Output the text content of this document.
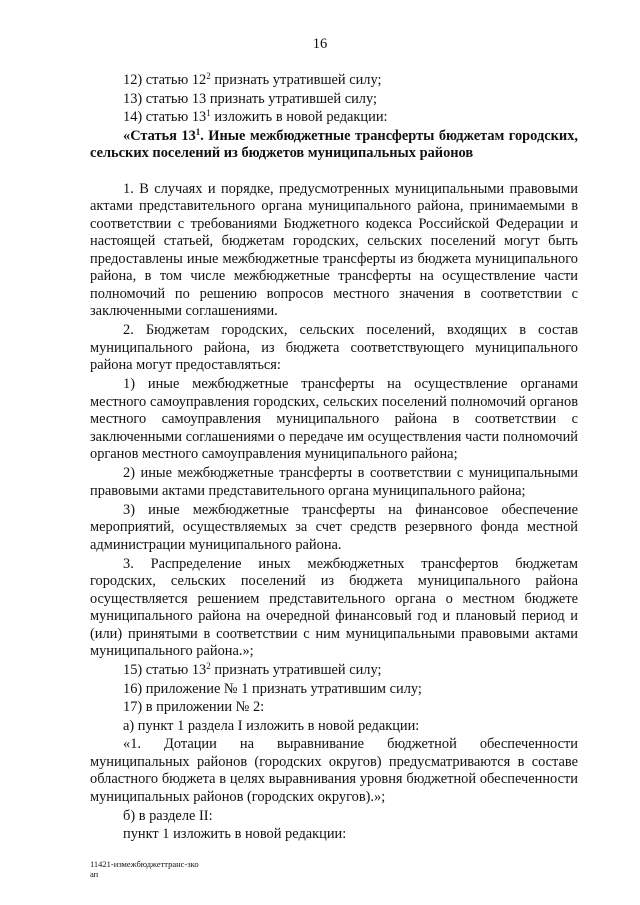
16

12) статью $12^2$ признать утратившей силу;

13) статью 13 признать утратившей силу;

14) статью $13^1$ изложить в новой редакции:

«Статья $13^1$. Иные межбюджетные трансферты бюджетам городских, сельских поселений из бюджетов муниципальных районов

1. В случаях и порядке, предусмотренных муниципальными правовыми актами представительного органа муниципального района, принимаемыми в соответствии с требованиями Бюджетного кодекса Российской Федерации и настоящей статьей, бюджетам городских, сельских поселений могут быть предоставлены иные межбюджетные трансферты из бюджета муниципального района, в том числе межбюджетные трансферты на осуществление части полномочий по решению вопросов местного значения в соответствии с заключенными соглашениями.

2. Бюджетам городских, сельских поселений, входящих в состав муниципального района, из бюджета соответствующего муниципального района могут предоставляться:

1) иные межбюджетные трансферты на осуществление органами местного самоуправления городских, сельских поселений полномочий органов местного самоуправления муниципального района в соответствии с заключенными соглашениями о передаче им осуществления части полномочий органов местного самоуправления муниципального района;

2) иные межбюджетные трансферты в соответствии с муниципальными правовыми актами представительного органа муниципального района;

3) иные межбюджетные трансферты на финансовое обеспечение мероприятий, осуществляемых за счет средств резервного фонда местной администрации муниципального района.

3. Распределение иных межбюджетных трансфертов бюджетам городских, сельских поселений из бюджета муниципального района осуществляется решением представительного органа о местном бюджете муниципального района на очередной финансовый год и плановый период и (или) принятыми в соответствии с ним муниципальными правовыми актами муниципального района.»;

15) статью $13^2$ признать утратившей силу;

16) приложение № 1 признать утратившим силу;

17) в приложении № 2:

а) пункт 1 раздела I изложить в новой редакции:

«1. Дотации на выравнивание бюджетной обеспеченности муниципальных районов (городских округов) предусматриваются в составе областного бюджета в целях выравнивания уровня бюджетной обеспеченности муниципальных районов (городских округов).»;

б) в разделе II:

пункт 1 изложить в новой редакции:

11421-измежбюджеттранс-зко
ап
